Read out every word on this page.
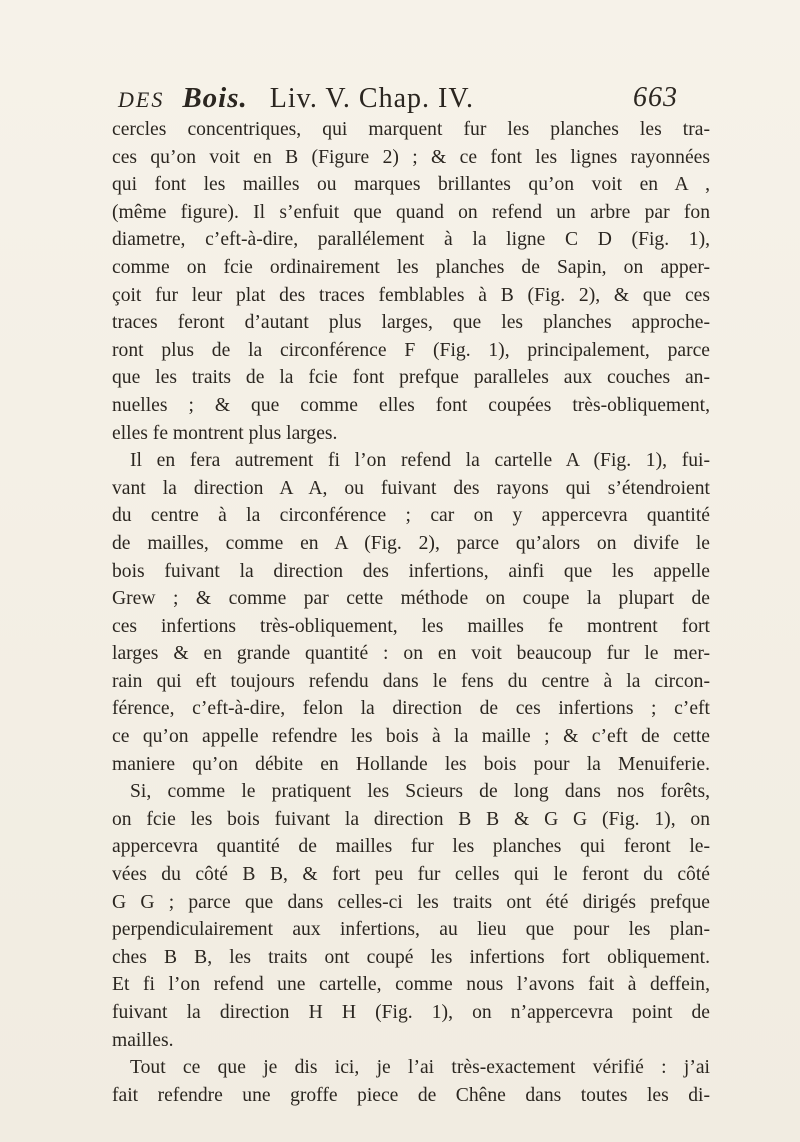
DES Bois. Liv. V. Chap. IV.	663
cercles concentriques, qui marquent fur les planches les tra-
ces qu’on voit en B (Figure 2) ; & ce font les lignes rayonnées
qui font les mailles ou marques brillantes qu’on voit en A ,
(même figure). Il s’enfuit que quand on refend un arbre par fon
diametre, c’eft-à-dire, parallélement à la ligne C D (Fig. 1),
comme on fcie ordinairement les planches de Sapin, on apper-
çoit fur leur plat des traces femblables à B (Fig. 2), & que ces
traces feront d’autant plus larges, que les planches approche-
ront plus de la circonférence F (Fig. 1), principalement, parce
que les traits de la fcie font prefque paralleles aux couches an-
nuelles ; & que comme elles font coupées très-obliquement,
elles fe montrent plus larges.
Il en fera autrement fi l’on refend la cartelle A (Fig. 1), fui-
vant la direction A A, ou fuivant des rayons qui s’étendroient
du centre à la circonférence ; car on y appercevra quantité
de mailles, comme en A (Fig. 2), parce qu’alors on divife le
bois fuivant la direction des infertions, ainfi que les appelle
Grew ; & comme par cette méthode on coupe la plupart de
ces infertions très-obliquement, les mailles fe montrent fort
larges & en grande quantité : on en voit beaucoup fur le mer-
rain qui eft toujours refendu dans le fens du centre à la circon-
férence, c’eft-à-dire, felon la direction de ces infertions ; c’eft
ce qu’on appelle refendre les bois à la maille ; & c’eft de cette
maniere qu’on débite en Hollande les bois pour la Menuiferie.
Si, comme le pratiquent les Scieurs de long dans nos forêts,
on fcie les bois fuivant la direction B B & G G (Fig. 1), on
appercevra quantité de mailles fur les planches qui feront le-
vées du côté B B, & fort peu fur celles qui le feront du côté
G G ; parce que dans celles-ci les traits ont été dirigés prefque
perpendiculairement aux infertions, au lieu que pour les plan-
ches B B, les traits ont coupé les infertions fort obliquement.
Et fi l’on refend une cartelle, comme nous l’avons fait à deffein,
fuivant la direction H H (Fig. 1), on n’appercevra point de
mailles.
Tout ce que je dis ici, je l’ai très-exactement vérifié : j’ai
fait refendre une groffe piece de Chêne dans toutes les di-
